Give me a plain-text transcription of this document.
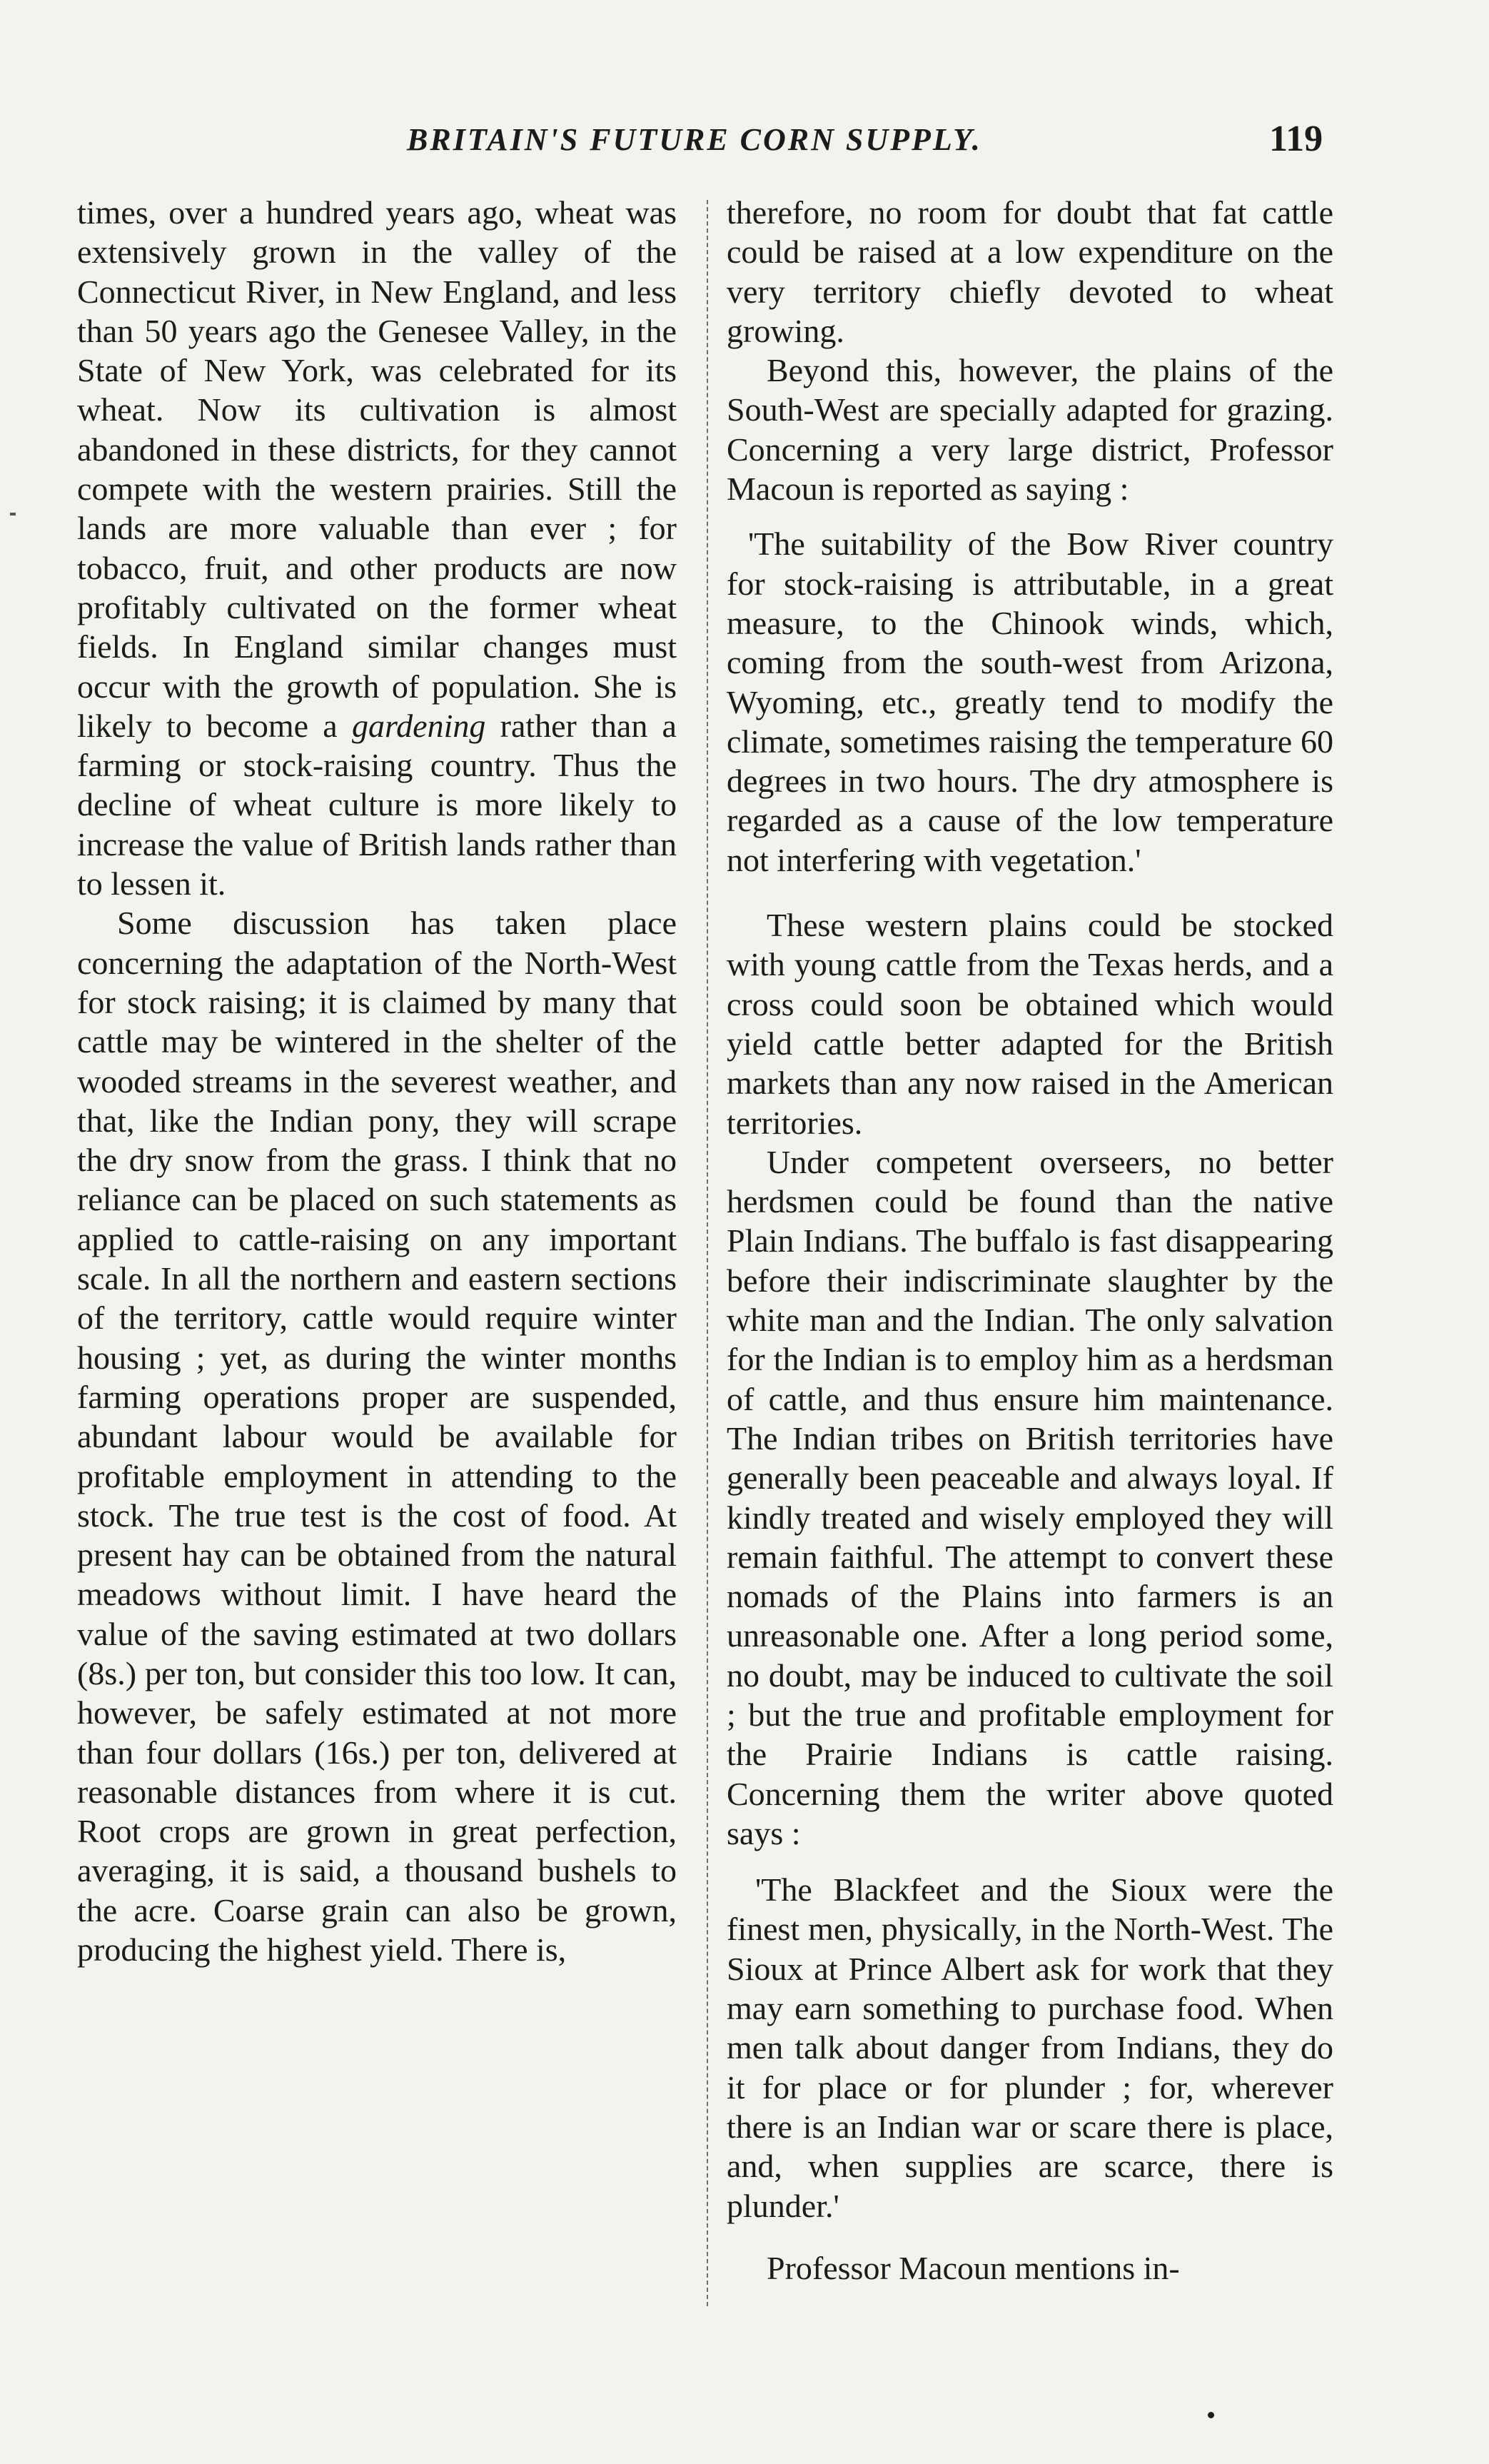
BRITAIN'S FUTURE CORN SUPPLY.	119

times, over a hundred years ago, wheat was extensively grown in the valley of the Connecticut River, in New England, and less than 50 years ago the Genesee Valley, in the State of New York, was celebrated for its wheat. Now its cultivation is almost abandoned in these districts, for they cannot compete with the western prairies. Still the lands are more valuable than ever ; for tobacco, fruit, and other products are now profitably cultivated on the former wheat fields. In England similar changes must occur with the growth of population. She is likely to become a gardening rather than a farming or stock-raising country. Thus the decline of wheat culture is more likely to increase the value of British lands rather than to lessen it.

Some discussion has taken place concerning the adaptation of the North-West for stock raising; it is claimed by many that cattle may be wintered in the shelter of the wooded streams in the severest weather, and that, like the Indian pony, they will scrape the dry snow from the grass. I think that no reliance can be placed on such statements as applied to cattle-raising on any important scale. In all the northern and eastern sections of the territory, cattle would require winter housing ; yet, as during the winter months farming operations proper are suspended, abundant labour would be available for profitable employment in attending to the stock. The true test is the cost of food. At present hay can be obtained from the natural meadows without limit. I have heard the value of the saving estimated at two dollars (8s.) per ton, but consider this too low. It can, however, be safely estimated at not more than four dollars (16s.) per ton, delivered at reasonable distances from where it is cut. Root crops are grown in great perfection, averaging, it is said, a thousand bushels to the acre. Coarse grain can also be grown, producing the highest yield. There is,

therefore, no room for doubt that fat cattle could be raised at a low expenditure on the very territory chiefly devoted to wheat growing.

Beyond this, however, the plains of the South-West are specially adapted for grazing. Concerning a very large district, Professor Macoun is reported as saying :

'The suitability of the Bow River country for stock-raising is attributable, in a great measure, to the Chinook winds, which, coming from the south-west from Arizona, Wyoming, etc., greatly tend to modify the climate, sometimes raising the temperature 60 degrees in two hours. The dry atmosphere is regarded as a cause of the low temperature not interfering with vegetation.'

These western plains could be stocked with young cattle from the Texas herds, and a cross could soon be obtained which would yield cattle better adapted for the British markets than any now raised in the American territories.

Under competent overseers, no better herdsmen could be found than the native Plain Indians. The buffalo is fast disappearing before their indiscriminate slaughter by the white man and the Indian. The only salvation for the Indian is to employ him as a herdsman of cattle, and thus ensure him maintenance. The Indian tribes on British territories have generally been peaceable and always loyal. If kindly treated and wisely employed they will remain faithful. The attempt to convert these nomads of the Plains into farmers is an unreasonable one. After a long period some, no doubt, may be induced to cultivate the soil ; but the true and profitable employment for the Prairie Indians is cattle raising. Concerning them the writer above quoted says :

'The Blackfeet and the Sioux were the finest men, physically, in the North-West. The Sioux at Prince Albert ask for work that they may earn something to purchase food. When men talk about danger from Indians, they do it for place or for plunder ; for, wherever there is an Indian war or scare there is place, and, when supplies are scarce, there is plunder.'

Professor Macoun mentions in-
